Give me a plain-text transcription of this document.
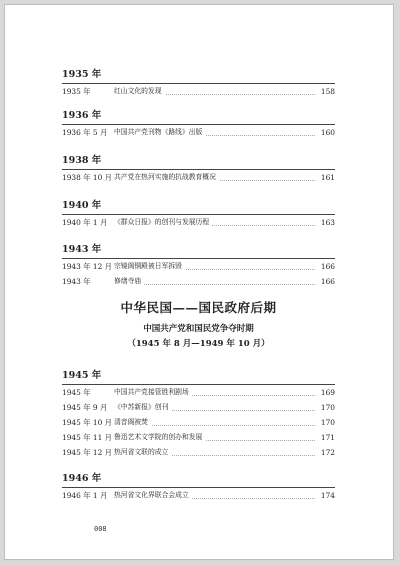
1935 年
1935 年	红山文化的发现	158
1936 年
1936 年 5 月 中国共产党刊物《路线》出版	160
1938 年
1938 年 10 月 共产党在热河实施的抗战教育概况	161
1940 年
1940 年 1 月 《群众日报》的创刊与发展历程	163
1943 年
1943 年 12 月 宗镜阁铜殿被日军拆毁	166
1943 年	修缮寺庙	166
中华民国——国民政府后期
中国共产党和国民党争夺时期
（1945 年 8 月—1949 年 10 月）
1945 年
1945 年	中国共产党接管胜利剧场	169
1945 年 9 月 《中苏新报》创刊	170
1945 年 10 月 清音阁被焚	170
1945 年 11 月 鲁迅艺术文学院的创办和发展	171
1945 年 12 月 热河省文联的成立	172
1946 年
1946 年 1 月 热河省文化界联合会成立	174
008
